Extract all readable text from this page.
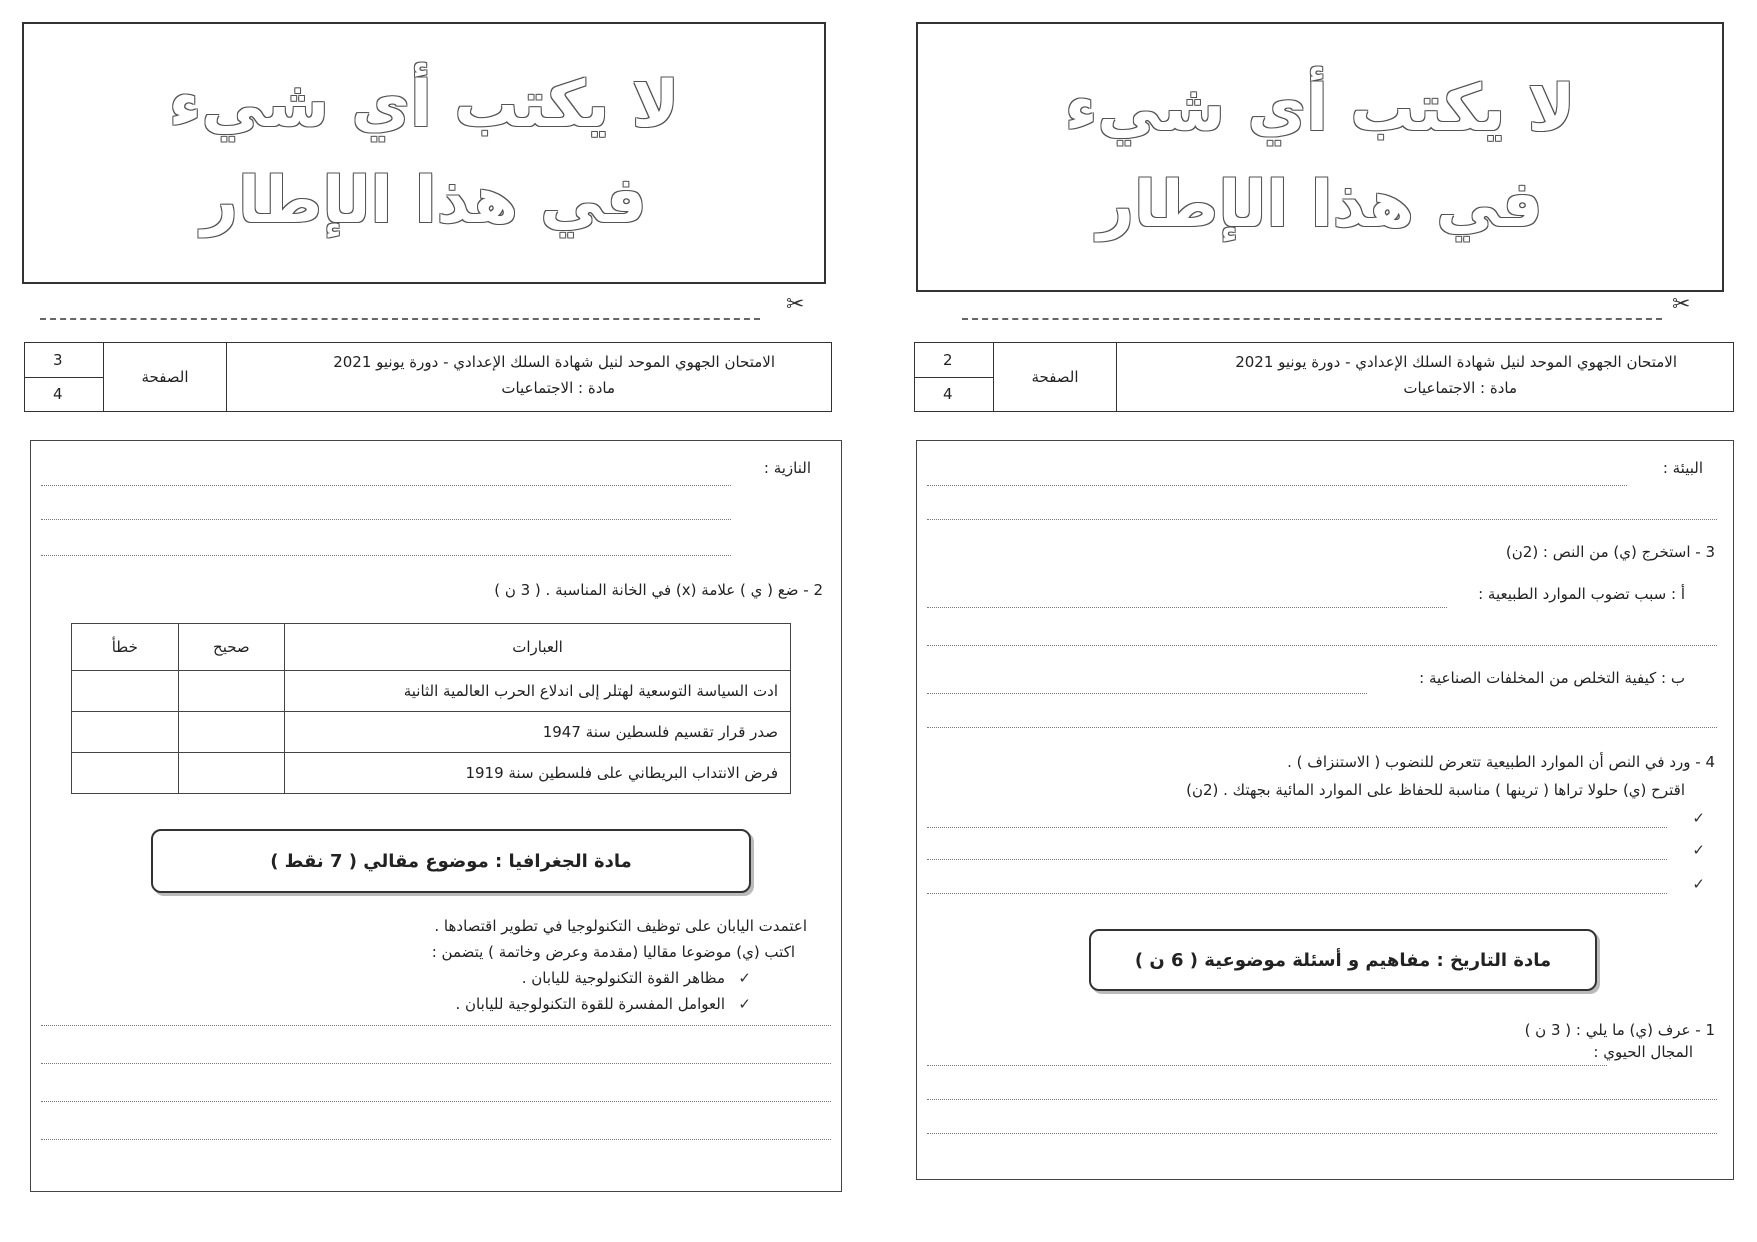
لا يكتب أي شيء
في هذا الإطار
✂
3
4
الصفحة
الامتحان الجهوي الموحد لنيل شهادة السلك الإعدادي - دورة يونيو 2021
مادة : الاجتماعيات
النازية :
2 - ضع ( ي ) علامة (x) في الخانة المناسبة . ( 3 ن )
العبارات	صحيح	خطأ
ادت السياسة التوسعية لهتلر إلى اندلاع الحرب العالمية الثانية		
صدر قرار تقسيم فلسطين سنة 1947		
فرض الانتداب البريطاني على فلسطين سنة 1919		
مادة الجغرافيا : موضوع مقالي ( 7 نقط )
اعتمدت اليابان على توظيف التكنولوجيا في تطوير اقتصادها .
اكتب (ي) موضوعا مقاليا (مقدمة وعرض وخاتمة ) يتضمن :
✓
مظاهر القوة التكنولوجية لليابان .
✓
العوامل المفسرة للقوة التكنولوجية لليابان .
لا يكتب أي شيء
في هذا الإطار
✂
2
4
الصفحة
الامتحان الجهوي الموحد لنيل شهادة السلك الإعدادي - دورة يونيو 2021
مادة : الاجتماعيات
البيئة :
3 - استخرج (ي) من النص : (2ن)
أ : سبب تضوب الموارد الطبيعية :
ب : كيفية التخلص من المخلفات الصناعية :
4 - ورد في النص أن الموارد الطبيعية تتعرض للنضوب ( الاستنزاف ) .
اقترح (ي) حلولا تراها ( ترينها ) مناسبة للحفاظ على الموارد المائية بجهتك . (2ن)
✓
✓
✓
مادة التاريخ : مفاهيم و أسئلة موضوعية ( 6 ن )
1 - عرف (ي) ما يلي : ( 3 ن )
المجال الحيوي :
